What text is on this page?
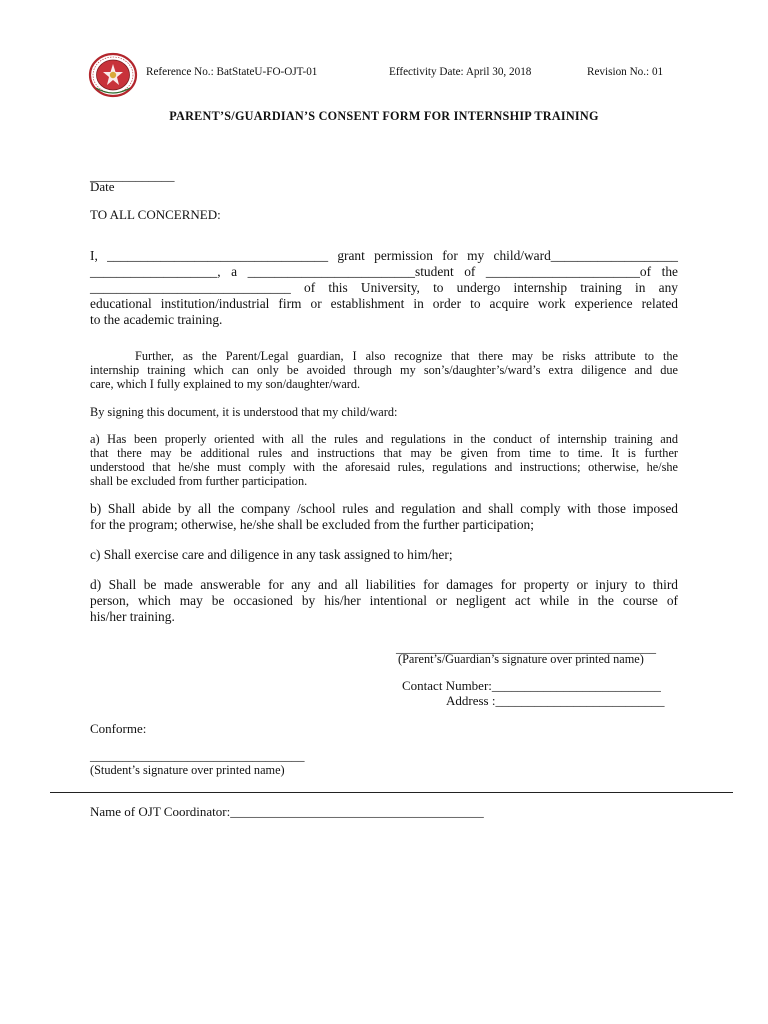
Reference No.: BatStateU-FO-OJT-01	Effectivity Date: April 30, 2018	Revision No.: 01
PARENT’S/GUARDIAN’S CONSENT FORM FOR INTERNSHIP TRAINING
_____________
Date
TO ALL CONCERNED:
I, _________________________________ grant permission for my child/ward___________________
___________________, a _________________________student of _______________________of the
______________________________ of this University, to undergo internship training in any
educational institution/industrial firm or establishment in order to acquire work experience related
to the academic training.
Further, as the Parent/Legal guardian, I also recognize that there may be risks attribute to the
internship training which can only be avoided through my son’s/daughter’s/ward’s extra diligence and due
care, which I fully explained to my son/daughter/ward.
By signing this document, it is understood that my child/ward:
a) Has been properly oriented with all the rules and regulations in the conduct of internship training and
that there may be additional rules and instructions that may be given from time to time. It is further
understood that he/she must comply with the aforesaid rules, regulations and instructions; otherwise, he/she
shall be excluded from further participation.
b) Shall abide by all the company /school rules and regulation and shall comply with those imposed
for the program; otherwise, he/she shall be excluded from the further participation;
c) Shall exercise care and diligence in any task assigned to him/her;
d) Shall be made answerable for any and all liabilities for damages for property or injury to third
person, which may be occasioned by his/her intentional or negligent act while in the course of
his/her training.
________________________________________
(Parent’s/Guardian’s signature over printed name)
Contact Number:__________________________
Address :__________________________
Conforme:
_________________________________
(Student’s signature over printed name)
Name of OJT Coordinator:_______________________________________
